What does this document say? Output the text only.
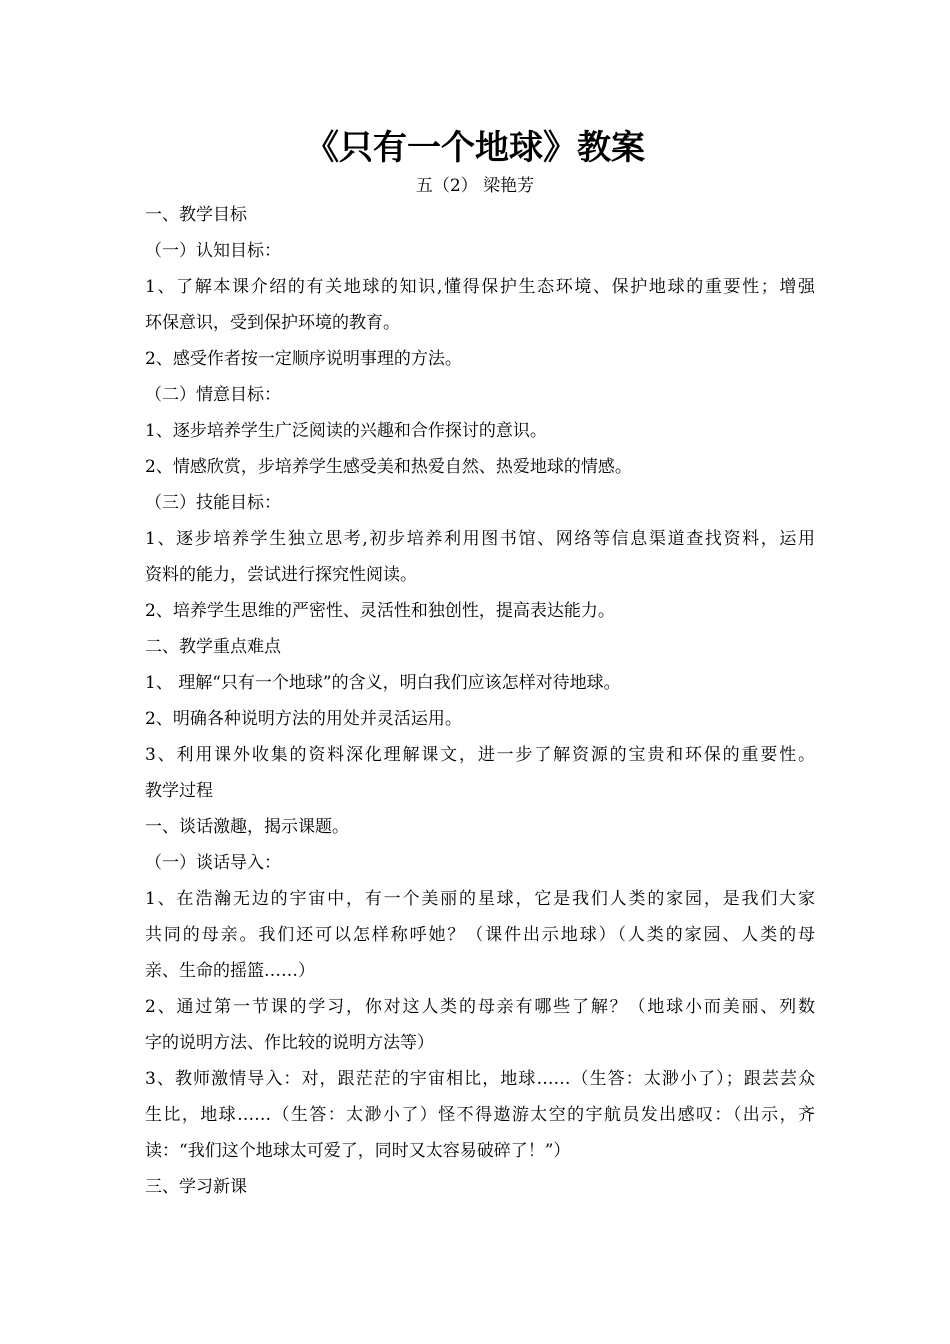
《只有一个地球》教案
五（2） 梁艳芳
一、教学目标
（一）认知目标：
1、了解本课介绍的有关地球的知识,懂得保护生态环境、保护地球的重要性；增强
环保意识，受到保护环境的教育。
2、感受作者按一定顺序说明事理的方法。
（二）情意目标：
1、逐步培养学生广泛阅读的兴趣和合作探讨的意识。
2、情感欣赏，步培养学生感受美和热爱自然、热爱地球的情感。
（三）技能目标：
1、逐步培养学生独立思考,初步培养利用图书馆、网络等信息渠道查找资料，运用
资料的能力，尝试进行探究性阅读。
2、培养学生思维的严密性、灵活性和独创性，提高表达能力。
二、教学重点难点
1、 理解“只有一个地球”的含义，明白我们应该怎样对待地球。
2、明确各种说明方法的用处并灵活运用。
3、利用课外收集的资料深化理解课文，进一步了解资源的宝贵和环保的重要性。
教学过程
一、谈话激趣，揭示课题。
（一）谈话导入：
1、在浩瀚无边的宇宙中，有一个美丽的星球，它是我们人类的家园，是我们大家
共同的母亲。我们还可以怎样称呼她？（课件出示地球）（人类的家园、人类的母
亲、生命的摇篮……）
2、通过第一节课的学习，你对这人类的母亲有哪些了解？（地球小而美丽、列数
字的说明方法、作比较的说明方法等）
3、教师激情导入：对，跟茫茫的宇宙相比，地球……（生答：太渺小了）；跟芸芸众
生比，地球……（生答：太渺小了）怪不得遨游太空的宇航员发出感叹：（出示，齐
读：“我们这个地球太可爱了，同时又太容易破碎了！”）
三、学习新课
